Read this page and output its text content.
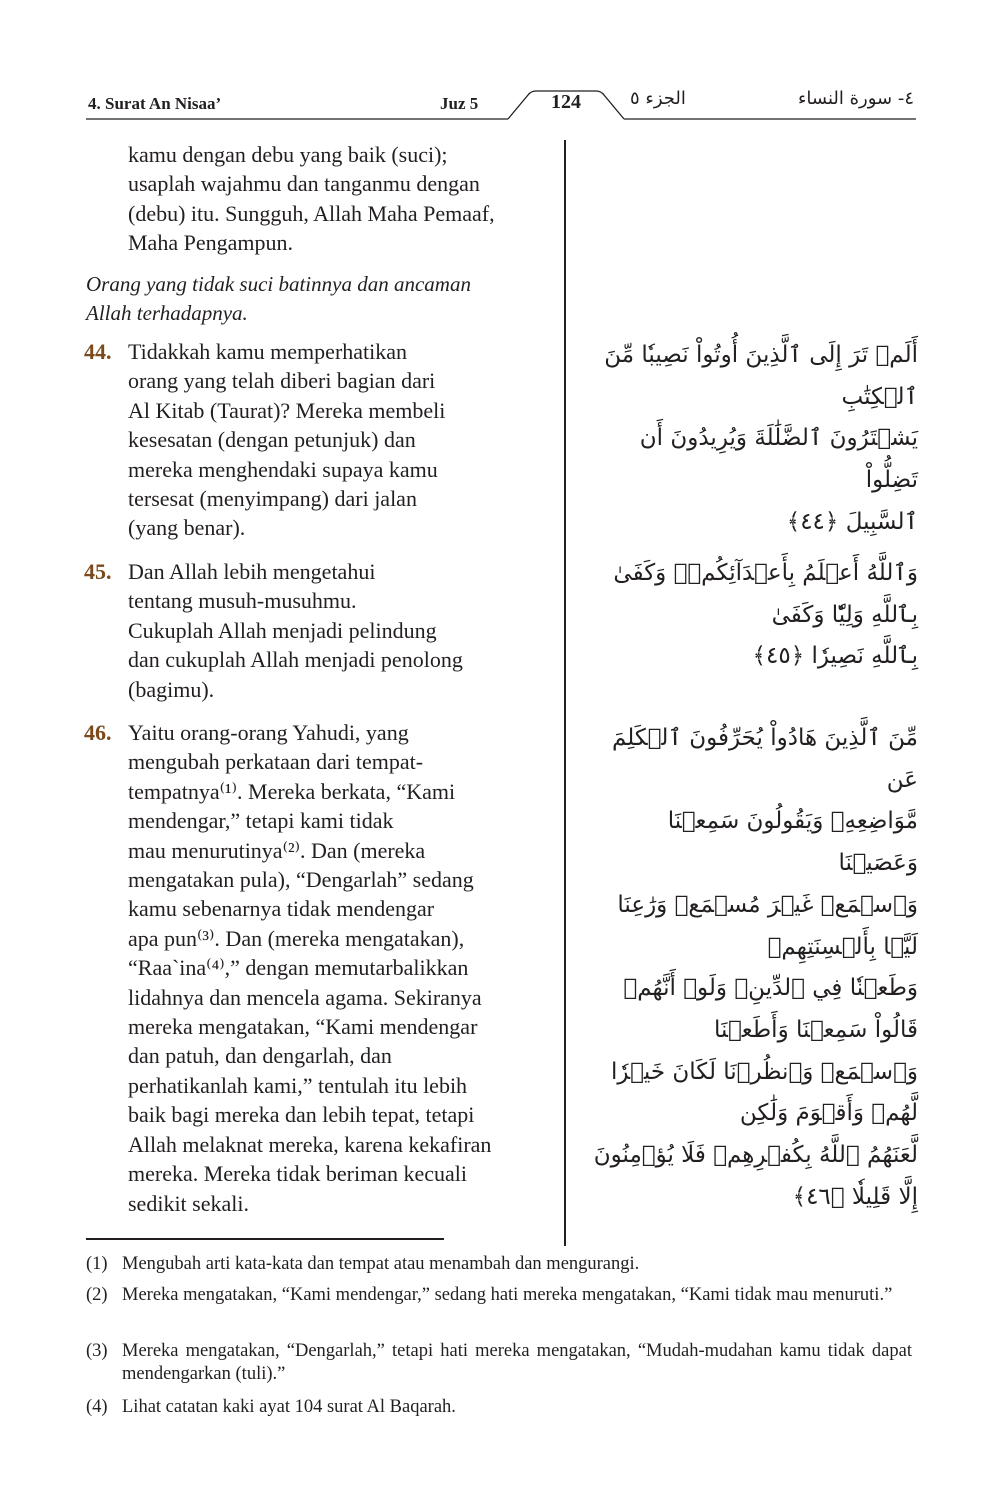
4. Surat An Nisaa’	Juz 5	124	الجزء ٥	٤- سورة النساء
kamu dengan debu yang baik (suci);
usaplah wajahmu dan tanganmu dengan
(debu) itu. Sungguh, Allah Maha Pemaaf,
Maha Pengampun.
Orang yang tidak suci batinnya dan ancaman
Allah terhadapnya.
44. Tidakkah kamu memperhatikan
orang yang telah diberi bagian dari
Al Kitab (Taurat)? Mereka membeli
kesesatan (dengan petunjuk) dan
mereka menghendaki supaya kamu
tersesat (menyimpang) dari jalan
(yang benar).
أَلَمۡ تَرَ إِلَى ٱلَّذِينَ أُوتُواْ نَصِيبٗا مِّنَ ٱلۡكِتَٰبِ
يَشۡتَرُونَ ٱلضَّلَٰلَةَ وَيُرِيدُونَ أَن تَضِلُّواْ
ٱلسَّبِيلَ ﴿٤٤﴾
45. Dan Allah lebih mengetahui
tentang musuh-musuhmu.
Cukuplah Allah menjadi pelindung
dan cukuplah Allah menjadi penolong
(bagimu).
وَٱللَّهُ أَعۡلَمُ بِأَعۡدَآئِكُمۡۚ وَكَفَىٰ بِٱللَّهِ وَلِيّٗا وَكَفَىٰ
بِٱللَّهِ نَصِيرٗا ﴿٤٥﴾
46. Yaitu orang-orang Yahudi, yang
mengubah perkataan dari tempat-
tempatnya⁽¹⁾. Mereka berkata, “Kami
mendengar,” tetapi kami tidak
mau menurutinya⁽²⁾. Dan (mereka
mengatakan pula), “Dengarlah” sedang
kamu sebenarnya tidak mendengar
apa pun⁽³⁾. Dan (mereka mengatakan),
“Raa`ina⁽⁴⁾,” dengan memutarbalikkan
lidahnya dan mencela agama. Sekiranya
mereka mengatakan, “Kami mendengar
dan patuh, dan dengarlah, dan
perhatikanlah kami,” tentulah itu lebih
baik bagi mereka dan lebih tepat, tetapi
Allah melaknat mereka, karena kekafiran
mereka. Mereka tidak beriman kecuali
sedikit sekali.
مِّنَ ٱلَّذِينَ هَادُواْ يُحَرِّفُونَ ٱلۡكَلِمَ عَن
مَّوَاضِعِهِۦ وَيَقُولُونَ سَمِعۡنَا وَعَصَيۡنَا
وَٱسۡمَعۡ غَيۡرَ مُسۡمَعٖ وَرَٰعِنَا لَيَّۢا بِأَلۡسِنَتِهِمۡ
وَطَعۡنٗا فِي ٱلدِّينِۚ وَلَوۡ أَنَّهُمۡ قَالُواْ سَمِعۡنَا وَأَطَعۡنَا
وَٱسۡمَعۡ وَٱنظُرۡنَا لَكَانَ خَيۡرٗا لَّهُمۡ وَأَقۡوَمَ وَلَٰكِن
لَّعَنَهُمُ ٱللَّهُ بِكُفۡرِهِمۡ فَلَا يُؤۡمِنُونَ إِلَّا قَلِيلٗا ﴿٤٦﴾
(1) Mengubah arti kata-kata dan tempat atau menambah dan mengurangi.
(2) Mereka mengatakan, “Kami mendengar,” sedang hati mereka mengatakan, “Kami tidak mau menuruti.”
(3) Mereka mengatakan, “Dengarlah,” tetapi hati mereka mengatakan, “Mudah-mudahan kamu tidak dapat mendengarkan (tuli).”
(4) Lihat catatan kaki ayat 104 surat Al Baqarah.
